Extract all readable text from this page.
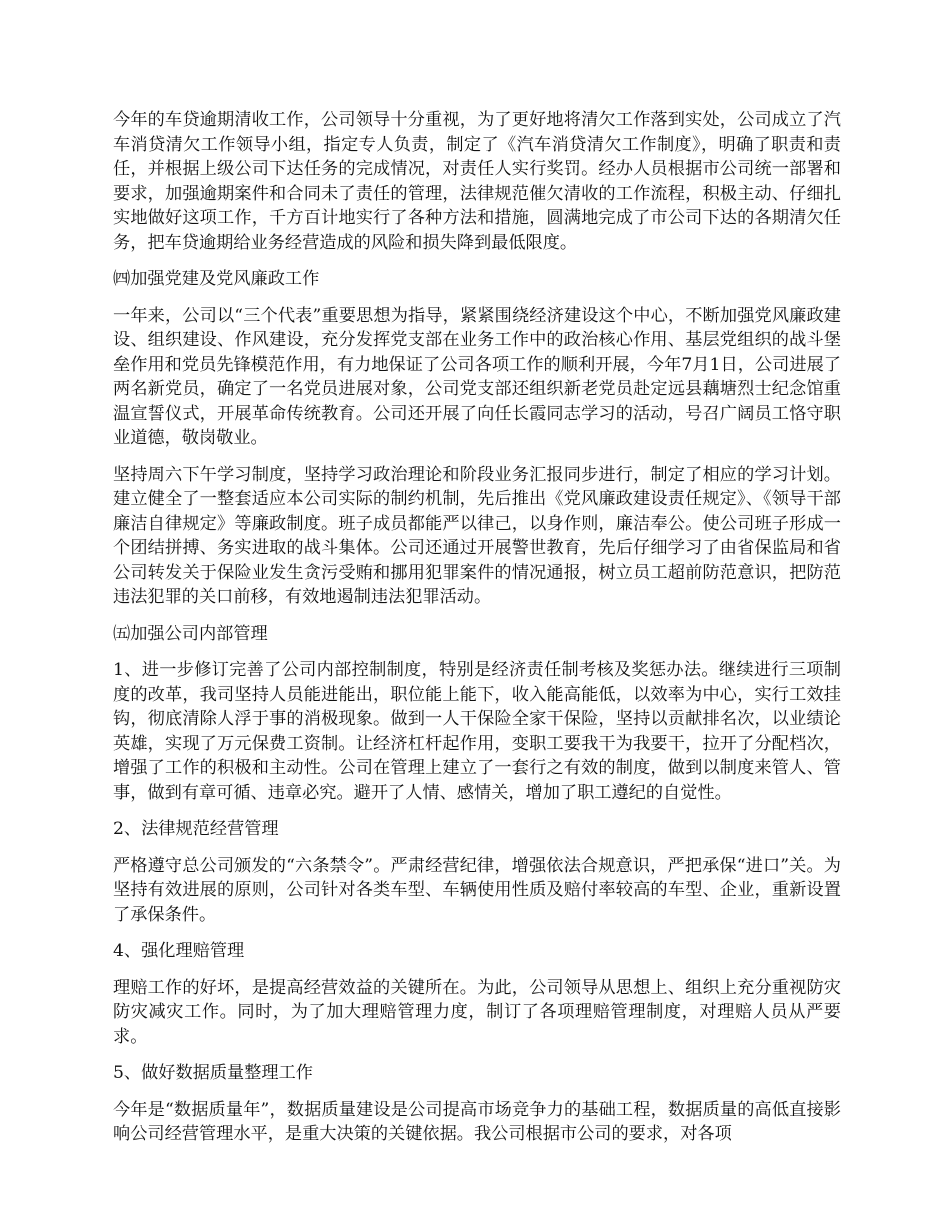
今年的车贷逾期清收工作，公司领导十分重视，为了更好地将清欠工作落到实处，公司成立了汽车消贷清欠工作领导小组，指定专人负责，制定了《汽车消贷清欠工作制度》，明确了职责和责任，并根据上级公司下达任务的完成情况，对责任人实行奖罚。经办人员根据市公司统一部署和要求，加强逾期案件和合同未了责任的管理，法律规范催欠清收的工作流程，积极主动、仔细扎实地做好这项工作，千方百计地实行了各种方法和措施，圆满地完成了市公司下达的各期清欠任务，把车贷逾期给业务经营造成的风险和损失降到最低限度。

㈣加强党建及党风廉政工作

一年来，公司以“三个代表”重要思想为指导，紧紧围绕经济建设这个中心，不断加强党风廉政建设、组织建设、作风建设，充分发挥党支部在业务工作中的政治核心作用、基层党组织的战斗堡垒作用和党员先锋模范作用，有力地保证了公司各项工作的顺利开展，今年7月1日，公司进展了两名新党员，确定了一名党员进展对象，公司党支部还组织新老党员赴定远县藕塘烈士纪念馆重温宣誓仪式，开展革命传统教育。公司还开展了向任长霞同志学习的活动，号召广阔员工恪守职业道德，敬岗敬业。

坚持周六下午学习制度，坚持学习政治理论和阶段业务汇报同步进行，制定了相应的学习计划。建立健全了一整套适应本公司实际的制约机制，先后推出《党风廉政建设责任规定》、《领导干部廉洁自律规定》等廉政制度。班子成员都能严以律己，以身作则，廉洁奉公。使公司班子形成一个团结拼搏、务实进取的战斗集体。公司还通过开展警世教育，先后仔细学习了由省保监局和省公司转发关于保险业发生贪污受贿和挪用犯罪案件的情况通报，树立员工超前防范意识，把防范违法犯罪的关口前移，有效地遏制违法犯罪活动。

㈤加强公司内部管理

1、进一步修订完善了公司内部控制制度，特别是经济责任制考核及奖惩办法。继续进行三项制度的改革，我司坚持人员能进能出，职位能上能下，收入能高能低，以效率为中心，实行工效挂钩，彻底清除人浮于事的消极现象。做到一人干保险全家干保险，坚持以贡献排名次，以业绩论英雄，实现了万元保费工资制。让经济杠杆起作用，变职工要我干为我要干，拉开了分配档次，增强了工作的积极和主动性。公司在管理上建立了一套行之有效的制度，做到以制度来管人、管事，做到有章可循、违章必究。避开了人情、感情关，增加了职工遵纪的自觉性。

2、法律规范经营管理

严格遵守总公司颁发的“六条禁令”。严肃经营纪律，增强依法合规意识，严把承保“进口”关。为坚持有效进展的原则，公司针对各类车型、车辆使用性质及赔付率较高的车型、企业，重新设置了承保条件。

4、强化理赔管理

理赔工作的好坏，是提高经营效益的关键所在。为此，公司领导从思想上、组织上充分重视防灾防灾减灾工作。同时，为了加大理赔管理力度，制订了各项理赔管理制度，对理赔人员从严要求。

5、做好数据质量整理工作

今年是“数据质量年”，数据质量建设是公司提高市场竞争力的基础工程，数据质量的高低直接影响公司经营管理水平，是重大决策的关键依据。我公司根据市公司的要求，对各项
